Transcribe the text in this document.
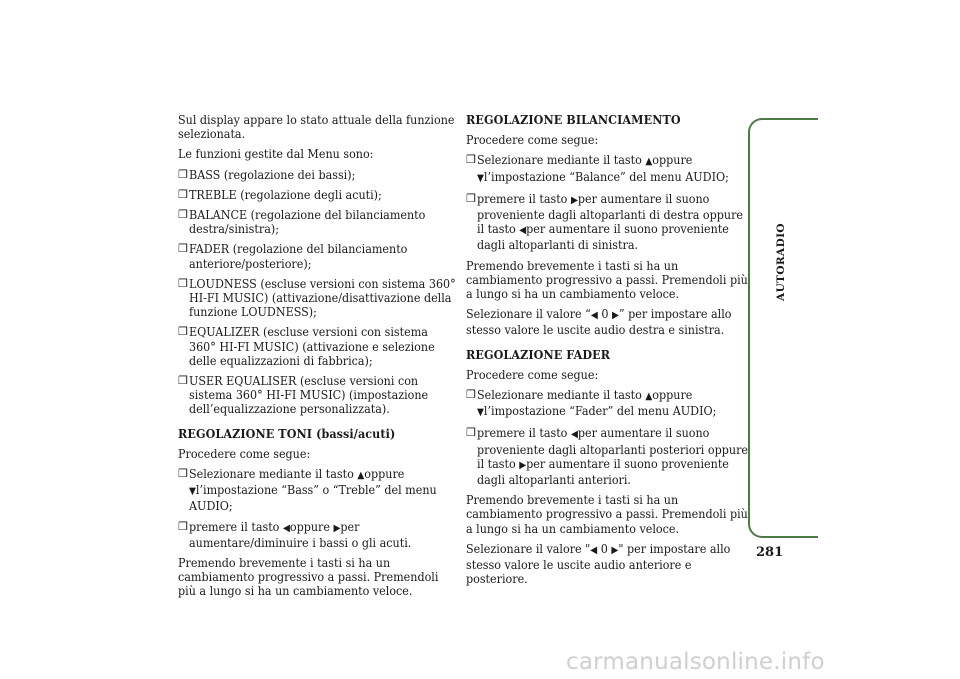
Sul display appare lo stato attuale della funzione selezionata.

Le funzioni gestite dal Menu sono:

❒ BASS (regolazione dei bassi);
❒ TREBLE (regolazione degli acuti);
❒ BALANCE (regolazione del bilanciamento destra/sinistra);
❒ FADER (regolazione del bilanciamento anteriore/posteriore);
❒ LOUDNESS (escluse versioni con sistema 360° HI-FI MUSIC) (attivazione/disattivazione della funzione LOUDNESS);
❒ EQUALIZER (escluse versioni con sistema 360° HI-FI MUSIC) (attivazione e selezione delle equalizzazioni di fabbrica);
❒ USER EQUALISER (escluse versioni con sistema 360° HI-FI MUSIC) (impostazione dell’equalizzazione personalizzata).

REGOLAZIONE TONI (bassi/acuti)

Procedere come segue:

❒ Selezionare mediante il tasto ▲oppure ▼l’impostazione “Bass” o “Treble” del menu AUDIO;
❒ premere il tasto ◀oppure ▶per aumentare/diminuire i bassi o gli acuti.

Premendo brevemente i tasti si ha un cambiamento progressivo a passi. Premendoli più a lungo si ha un cambiamento veloce.

REGOLAZIONE BILANCIAMENTO

Procedere come segue:

❒ Selezionare mediante il tasto ▲oppure ▼l’impostazione “Balance” del menu AUDIO;
❒ premere il tasto ▶per aumentare il suono proveniente dagli altoparlanti di destra oppure il tasto ◀per aumentare il suono proveniente dagli altoparlanti di sinistra.

Premendo brevemente i tasti si ha un cambiamento progressivo a passi. Premendoli più a lungo si ha un cambiamento veloce.

Selezionare il valore “◀ 0 ▶” per impostare allo stesso valore le uscite audio destra e sinistra.

REGOLAZIONE FADER

Procedere come segue:

❒ Selezionare mediante il tasto ▲oppure ▼l’impostazione “Fader” del menu AUDIO;
❒ premere il tasto ◀per aumentare il suono proveniente dagli altoparlanti posteriori oppure il tasto ▶per aumentare il suono proveniente dagli altoparlanti anteriori.

Premendo brevemente i tasti si ha un cambiamento progressivo a passi. Premendoli più a lungo si ha un cambiamento veloce.

Selezionare il valore "◀ 0 ▶" per impostare allo stesso valore le uscite audio anteriore e posteriore.

AUTORADIO
281
carmanualsonline.info
